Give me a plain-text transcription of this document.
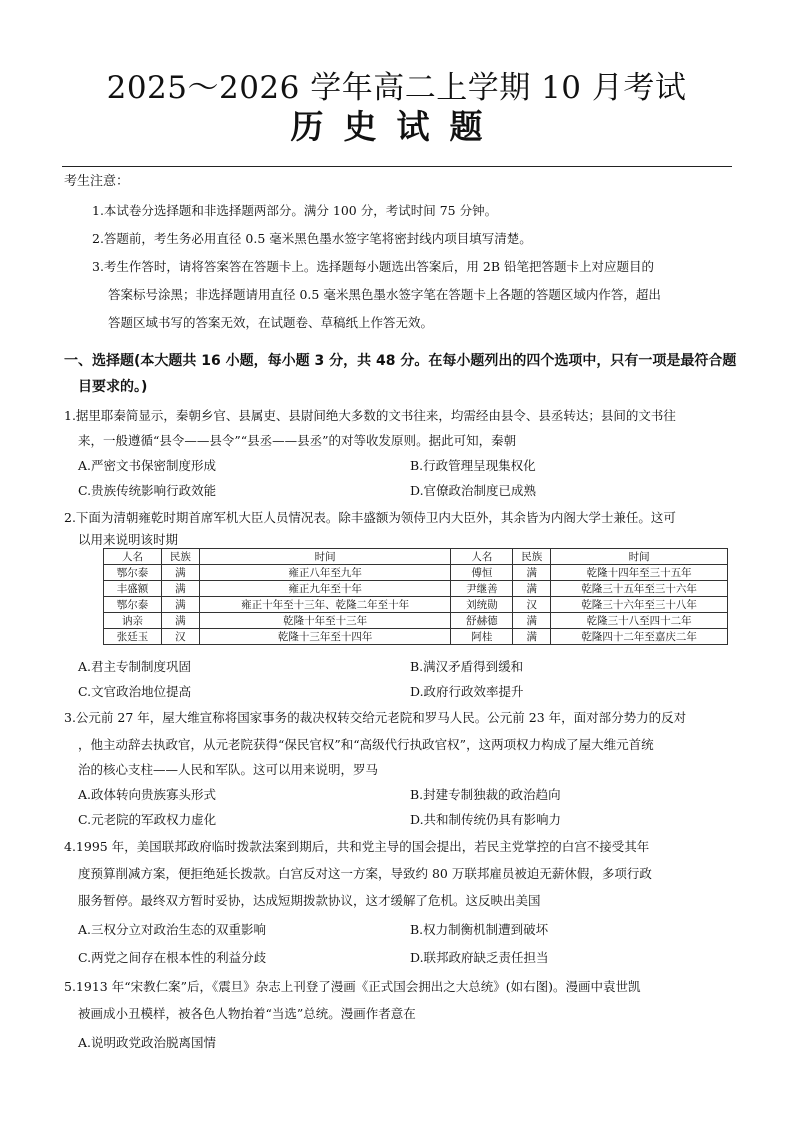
2025～2026 学年高二上学期 10 月考试
历史试题
考生注意：
1.本试卷分选择题和非选择题两部分。满分 100 分，考试时间 75 分钟。
2.答题前，考生务必用直径 0.5 毫米黑色墨水签字笔将密封线内项目填写清楚。
3.考生作答时，请将答案答在答题卡上。选择题每小题选出答案后，用 2B 铅笔把答题卡上对应题目的
答案标号涂黑；非选择题请用直径 0.5 毫米黑色墨水签字笔在答题卡上各题的答题区域内作答，超出
答题区域书写的答案无效，在试题卷、草稿纸上作答无效。
一、选择题(本大题共 16 小题，每小题 3 分，共 48 分。在每小题列出的四个选项中，只有一项是最符合题
目要求的。)
1.据里耶秦简显示，秦朝乡官、县属吏、县尉间绝大多数的文书往来，均需经由县令、县丞转达；县间的文书往
来，一般遵循“县令——县令”“县丞——县丞”的对等收发原则。据此可知，秦朝
A.严密文书保密制度形成	B.行政管理呈现集权化
C.贵族传统影响行政效能	D.官僚政治制度已成熟
2.下面为清朝雍乾时期首席军机大臣人员情况表。除丰盛额为领侍卫内大臣外，其余皆为内阁大学士兼任。这可
以用来说明该时期
人名	民族	时间	人名	民族	时间
鄂尔泰	满	雍正八年至九年	傅恒	满	乾隆十四年至三十五年
丰盛额	满	雍正九年至十年	尹继善	满	乾隆三十五年至三十六年
鄂尔泰	满	雍正十年至十三年、乾隆二年至十年	刘统勋	汉	乾隆三十六年至三十八年
讷亲	满	乾隆十年至十三年	舒赫德	满	乾隆三十八至四十二年
张廷玉	汉	乾隆十三年至十四年	阿桂	满	乾隆四十二年至嘉庆二年
A.君主专制制度巩固	B.满汉矛盾得到缓和
C.文官政治地位提高	D.政府行政效率提升
3.公元前 27 年，屋大维宣称将国家事务的裁决权转交给元老院和罗马人民。公元前 23 年，面对部分势力的反对
，他主动辞去执政官，从元老院获得“保民官权”和“高级代行执政官权”，这两项权力构成了屋大维元首统
治的核心支柱——人民和军队。这可以用来说明，罗马
A.政体转向贵族寡头形式	B.封建专制独裁的政治趋向
C.元老院的军政权力虚化	D.共和制传统仍具有影响力
4.1995 年，美国联邦政府临时拨款法案到期后，共和党主导的国会提出，若民主党掌控的白宫不接受其年
度预算削减方案，便拒绝延长拨款。白宫反对这一方案，导致约 80 万联邦雇员被迫无薪休假，多项行政
服务暂停。最终双方暂时妥协，达成短期拨款协议，这才缓解了危机。这反映出美国
A.三权分立对政治生态的双重影响	B.权力制衡机制遭到破坏
C.两党之间存在根本性的利益分歧	D.联邦政府缺乏责任担当
5.1913 年“宋教仁案”后，《震旦》杂志上刊登了漫画《正式国会拥出之大总统》(如右图)。漫画中袁世凯
被画成小丑模样，被各色人物抬着“当选”总统。漫画作者意在
A.说明政党政治脱离国情
